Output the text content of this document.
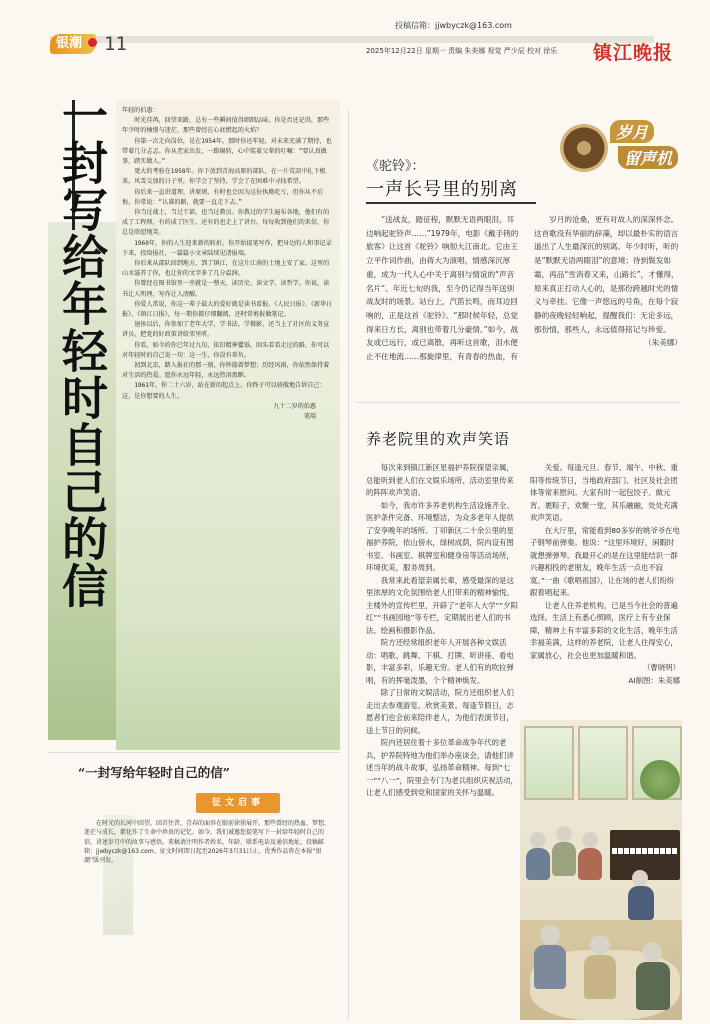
银潮	11
投稿信箱：jjwbyczk@163.com
2025年12月22日 星期一 责编 朱美娜 视觉 严少辰 校对 徐乐 镇江晚报
一封写给年轻时自己的信 年轻的伯惠：

时光荏苒，回望来路，总有一些瞬间值得细细品味。你是否还记得，那些年少时的憧憬与迷茫，那些曾经在心底燃起的火焰？

你第一次走向岗位，是在1954年。那时你还年轻，对未来充满了期待，也带着几分忐忑。你从老家出发，一路辗转，心中装着父辈的叮嘱：“要认真做事，踏实做人。”

更大的考验在1958年。你下放到青海高原的部队，在一片荒凉中扎下根来。风雪交加的日子里，你学会了坚持，学会了在困难中寻找希望。

你后来一直讲道理、讲原则，有时也会因为这份执拗吃亏，但你从不后悔。你常说：“认准的路，就要一直走下去。”

你当过战士，当过干部，也当过教员。你教过的学生遍布各地，他们有的成了工程师，有的成了医生，还有的也走上了讲台。每每收到他们的来信，你总是欣慰地笑。

1960年，你的人生迎来新的转折。你开始提笔写作，把身边的人和事记录下来，投给报社，一篇篇小文章陆续见诸报端。

你后来从部队回到地方，到了镇江，在这片江南的土地上安了家。这里的山水滋养了你，也让你的文字多了几分温润。

你曾经在图书馆里一坐就是一整天，读历史、读文学、读哲学。你说，读书让人明理，写作让人清醒。

你爱人常说，你这一辈子最大的爱好就是读书看报。《人民日报》、《新华日报》、《镇江日报》，每一期你都仔细翻阅，还时常剪报做笔记。

退休以后，你参加了老年大学，学书法、学摄影，还当上了社区的义务宣讲员，把党的好政策讲给邻里听。

你看，如今的你已年过九旬，依旧精神矍铄。回头看看走过的路，你可以对年轻时的自己说一句：这一生，你没有辜负。

初到北京，踏入报社的那一刻，你怀揣着梦想；历经风雨，你依然保持着对生活的热爱。愿你永远年轻，永远热泪盈眶。

1961年，你二十六岁，站在新的起点上。你终于可以骄傲地告诉自己：这，是你想要的人生。

九十二岁的伯惠

笔端

“一封写给年轻时自己的信”
征文启事
在时光的长河中回望，回首往昔，青春的面容在眼前徐徐展开。那些曾经的热血、梦想、迷茫与成长，都化作了生命中珍贵的记忆。如今，我们诚邀您提笔写下一封给年轻时自己的信，讲述岁月中的故事与感悟。来稿请注明作者姓名、年龄、联系电话及通信地址，投稿邮箱：jjwbyczk@163.com。征文时间即日起至2026年3月31日止，优秀作品将在本报“银潮”版刊发。
岁月
留声机
《驼铃》：
一声长号里的别离
“送战友，踏征程，默默无语两眼泪，耳边响起驼铃声……”1979年，电影《戴手铐的旅客》让这首《驼铃》响彻大江南北。它由王立平作词作曲，由蒋大为演唱，情感深沉厚重，成为一代人心中关于离别与情谊的“声音名片”。年近七旬的我，至今仍记得当年送别战友时的场景。站台上，汽笛长鸣，而耳边回响的，正是这首《驼铃》。“那时候年轻，总觉得来日方长，离别也带着几分豪情。”如今，战友或已远行，或已离散，再听这首歌，泪水便止不住地流……那旋律里，有青春的热血，有
岁月的沧桑，更有对故人的深深怀念。这首歌没有华丽的辞藻，却以最朴实的语言道出了人生最深沉的别离。年少时听，听的是“默默无语两眼泪”的意境；待到鬓发如霜，再品“雪消春又来，山路长”，才懂得，原来真正打动人心的，是那份跨越时光的情义与牵挂。它像一声悠远的号角，在每个寂静的夜晚轻轻响起，提醒我们：无论多远，那份情，那些人，永远值得铭记与珍爱。
（朱美娜）
养老院里的欢声笑语

每次来到镇江新区星福护养院探望亲属，总能听到老人们在文娱乐场所、活动室里传来的阵阵欢声笑语。

如今，我市许多养老机构生活设施齐全、医护条件完备、环境整洁，为众多老年人提供了安享晚年的场所。丁卯新区二十余公里的星福护养院，依山傍水，绿树成荫，院内设有图书室、书画室、棋牌室和健身房等活动场所，环境优美，服务周到。

我常来此看望亲属长辈，感受最深的是这里浓厚的文化氛围给老人们带来的精神愉悦。主楼外的宣传栏里，开辟了“老年人大学”“夕阳红”“书画园地”等专栏，定期展出老人们的书法、绘画和摄影作品。

院方还经常组织老年人开展各种文娱活动：唱歌、跳舞、下棋、打牌、听讲座、看电影，丰富多彩，乐趣无穷。老人们有的吹拉弹唱，有的挥毫泼墨，个个精神焕发。

除了日常的文娱活动，院方还组织老人们走出去参观游览、欣赏美景。每逢节假日，志愿者们也会前来陪伴老人，为他们表演节目，送上节日的问候。

院内还居住着十多位革命战争年代的老兵，护养院特地为他们举办座谈会，请他们讲述当年的战斗故事，弘扬革命精神。每到“七一”“八一”，院里会专门为老兵组织庆祝活动，让老人们感受到党和国家的关怀与温暖。

关爱。每逢元旦、春节、端午、中秋、重阳等传统节日，当地政府部门、社区及社会团体等常来慰问。大家有时一起包饺子、做元宵、裹粽子，欢聚一堂，其乐融融，处处充满欢声笑语。

在大厅里，常能看到80多岁的姚爷爷在电子钢琴前弹奏。他说：“这里环境好，闲暇时就想弹弹琴。我最开心的是在这里能结识一群兴趣相投的老朋友，晚年生活一点也不寂寞。”一曲《歌唱祖国》，让在场的老人们纷纷跟着唱起来。

让老人住养老机构，已是当今社会的普遍选择。生活上有悉心照顾，医疗上有专业保障，精神上有丰富多彩的文化生活，晚年生活幸福美满，这样的养老院，让老人住得安心，家属放心，社会也更加温暖和谐。

（曹晓明）

AI制图：朱美娜
